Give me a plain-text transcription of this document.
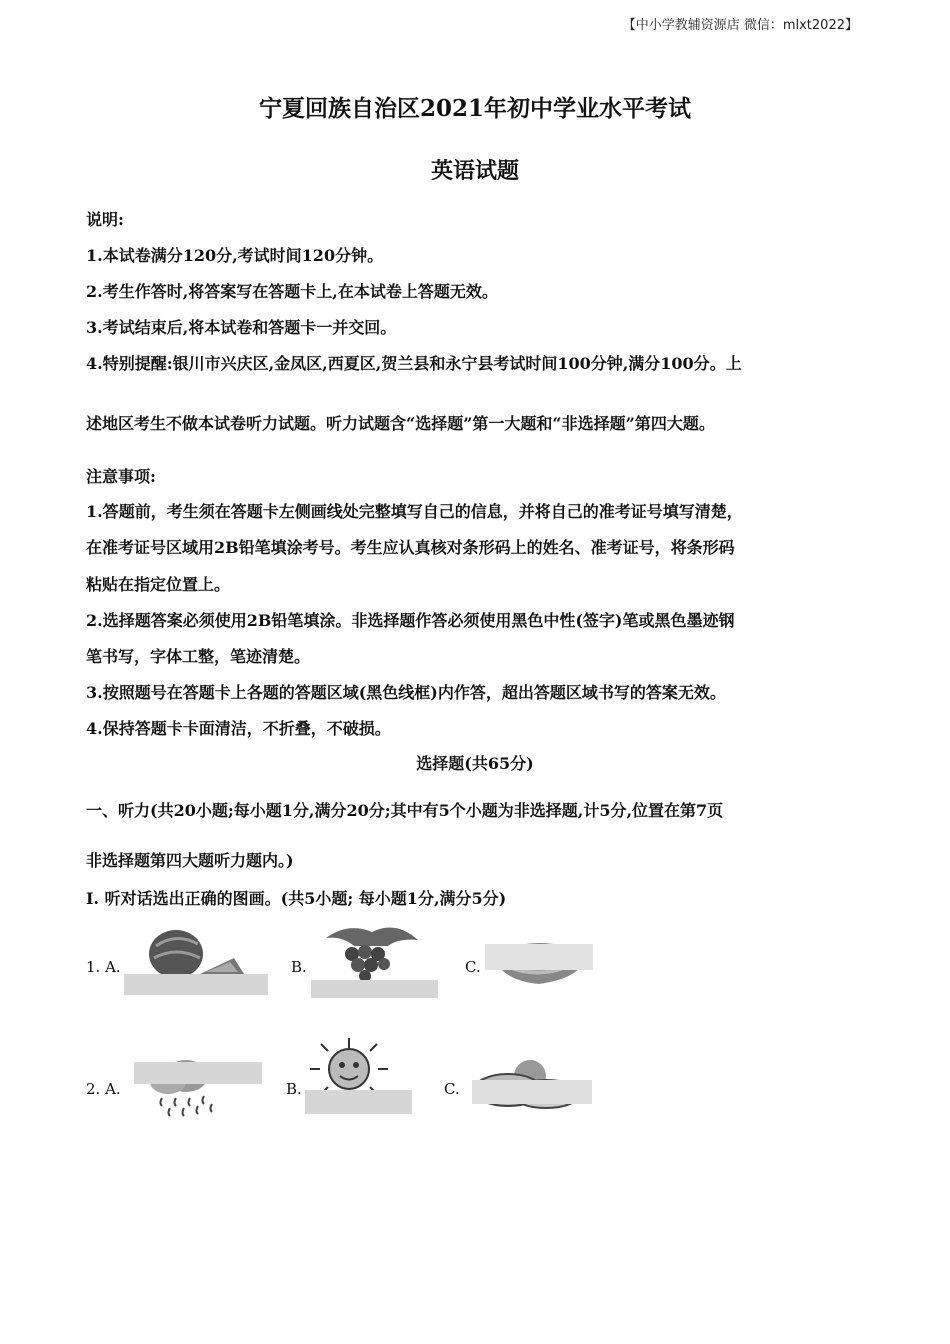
【中小学教辅资源店 微信：mlxt2022】
宁夏回族自治区2021年初中学业水平考试
英语试题
说明:
1.本试卷满分120分,考试时间120分钟。
2.考生作答时,将答案写在答题卡上,在本试卷上答题无效。
3.考试结束后,将本试卷和答题卡一并交回。
4.特别提醒:银川市兴庆区,金凤区,西夏区,贺兰县和永宁县考试时间100分钟,满分100分。上
述地区考生不做本试卷听力试题。听力试题含“选择题”第一大题和“非选择题”第四大题。
注意事项:
1.答题前，考生须在答题卡左侧画线处完整填写自己的信息，并将自己的准考证号填写清楚，
在准考证号区域用2B铅笔填涂考号。考生应认真核对条形码上的姓名、准考证号，将条形码
粘贴在指定位置上。
2.选择题答案必须使用2B铅笔填涂。非选择题作答必须使用黑色中性(签字)笔或黑色墨迹钢
笔书写，字体工整，笔迹清楚。
3.按照题号在答题卡上各题的答题区域(黑色线框)内作答，超出答题区域书写的答案无效。
4.保持答题卡卡面清洁，不折叠，不破损。
选择题(共65分)
一、听力(共20小题;每小题1分,满分20分;其中有5个小题为非选择题,计5分,位置在第7页
非选择题第四大题听力题内。)
I. 听对话选出正确的图画。(共5小题; 每小题1分,满分5分)
1. A.	B.	C.
2. A.	B.	C.
